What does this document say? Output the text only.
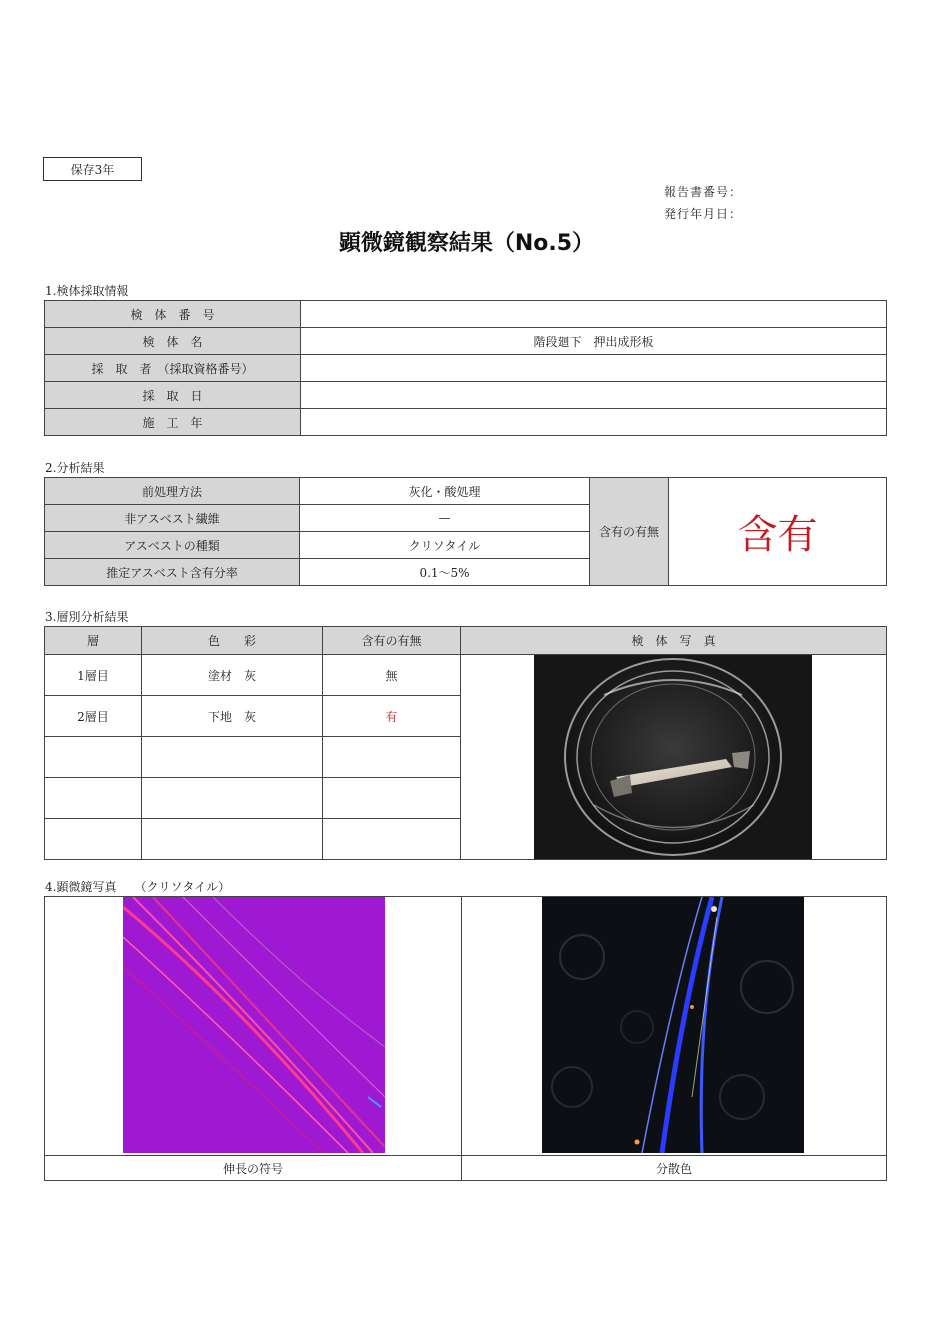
保存3年
報告書番号：
発行年月日：
顕微鏡観察結果（No.5）
1.検体採取情報
検　体　番　号	
検　体　名	階段廻下　押出成形板
採　取　者　（採取資格番号）	
採　取　日	
施　工　年	
2.分析結果
前処理方法	灰化・酸処理	含有の有無	含有
非アスベスト繊維	—		
アスベストの種類	クリソタイル		
推定アスベスト含有分率	0.1～5%		
3.層別分析結果
層	色　　彩	含有の有無	検　体　写　真
1層目	塗材　灰	無	

2層目	下地　灰	有	

4.顕微鏡写真　　（クリソタイル）

伸長の符号	分散色
